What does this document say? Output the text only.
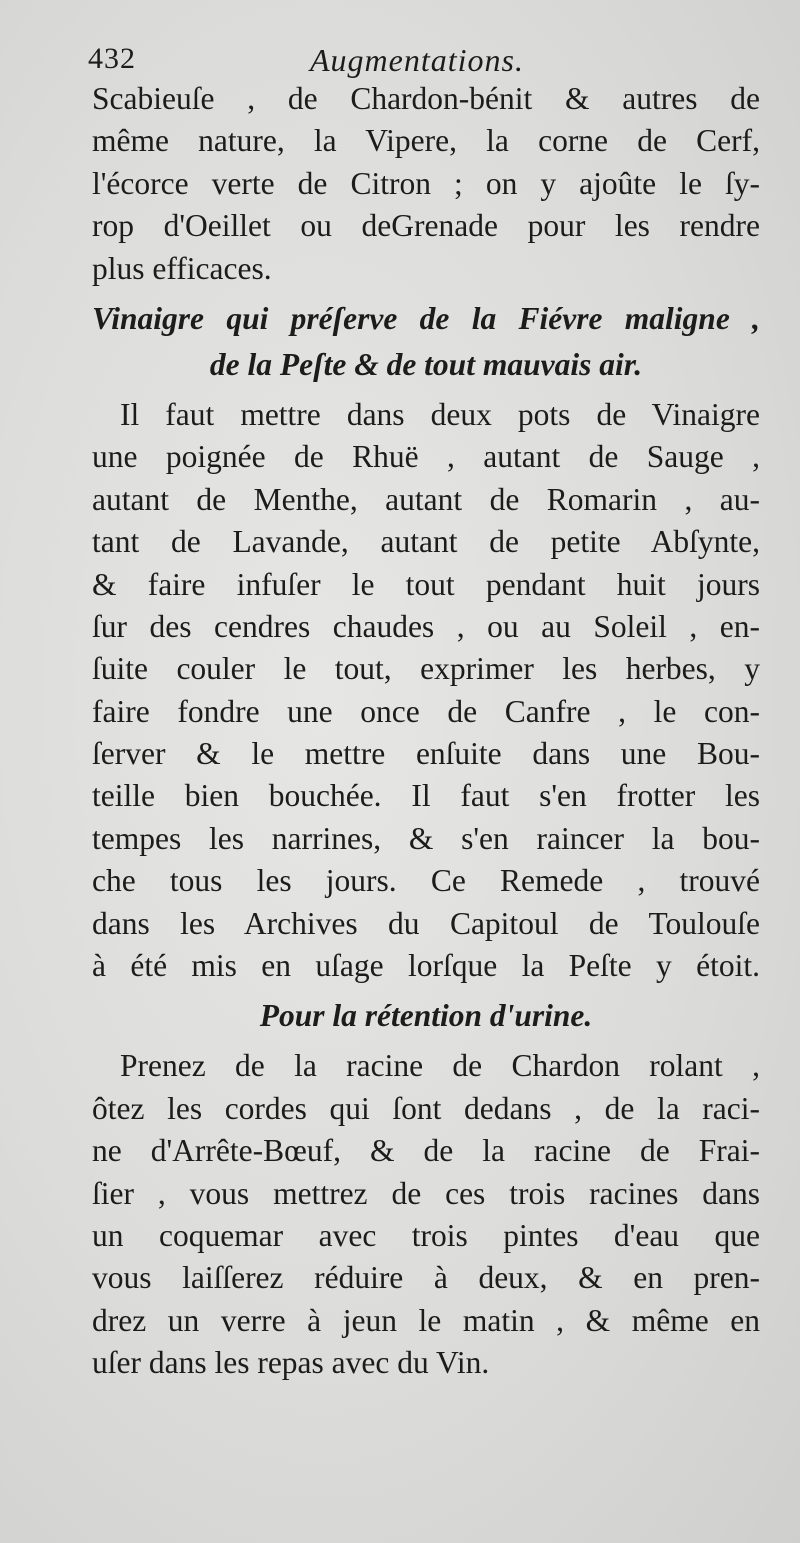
432	Augmentations.
Scabieuſe , de Chardon-bénit & autres de
même nature, la Vipere, la corne de Cerf,
l'écorce verte de Citron ; on y ajoûte le ſy-
rop d'Oeillet ou deGrenade pour les rendre
plus efficaces.
Vinaigre qui préſerve de la Fiévre maligne ,
de la Peſte & de tout mauvais air.
Il faut mettre dans deux pots de Vinaigre
une poignée de Rhuë , autant de Sauge ,
autant de Menthe, autant de Romarin , au-
tant de Lavande, autant de petite Abſynte,
& faire infuſer le tout pendant huit jours
ſur des cendres chaudes , ou au Soleil , en-
ſuite couler le tout, exprimer les herbes, y
faire fondre une once de Canfre , le con-
ſerver & le mettre enſuite dans une Bou-
teille bien bouchée. Il faut s'en frotter les
tempes les narrines, & s'en raincer la bou-
che tous les jours. Ce Remede , trouvé
dans les Archives du Capitoul de Toulouſe
à été mis en uſage lorſque la Peſte y étoit.
Pour la rétention d'urine.
Prenez de la racine de Chardon rolant ,
ôtez les cordes qui ſont dedans , de la raci-
ne d'Arrête-Bœuf, & de la racine de Frai-
ſier , vous mettrez de ces trois racines dans
un coquemar avec trois pintes d'eau que
vous laiſſerez réduire à deux, & en pren-
drez un verre à jeun le matin , & même en
uſer dans les repas avec du Vin.
